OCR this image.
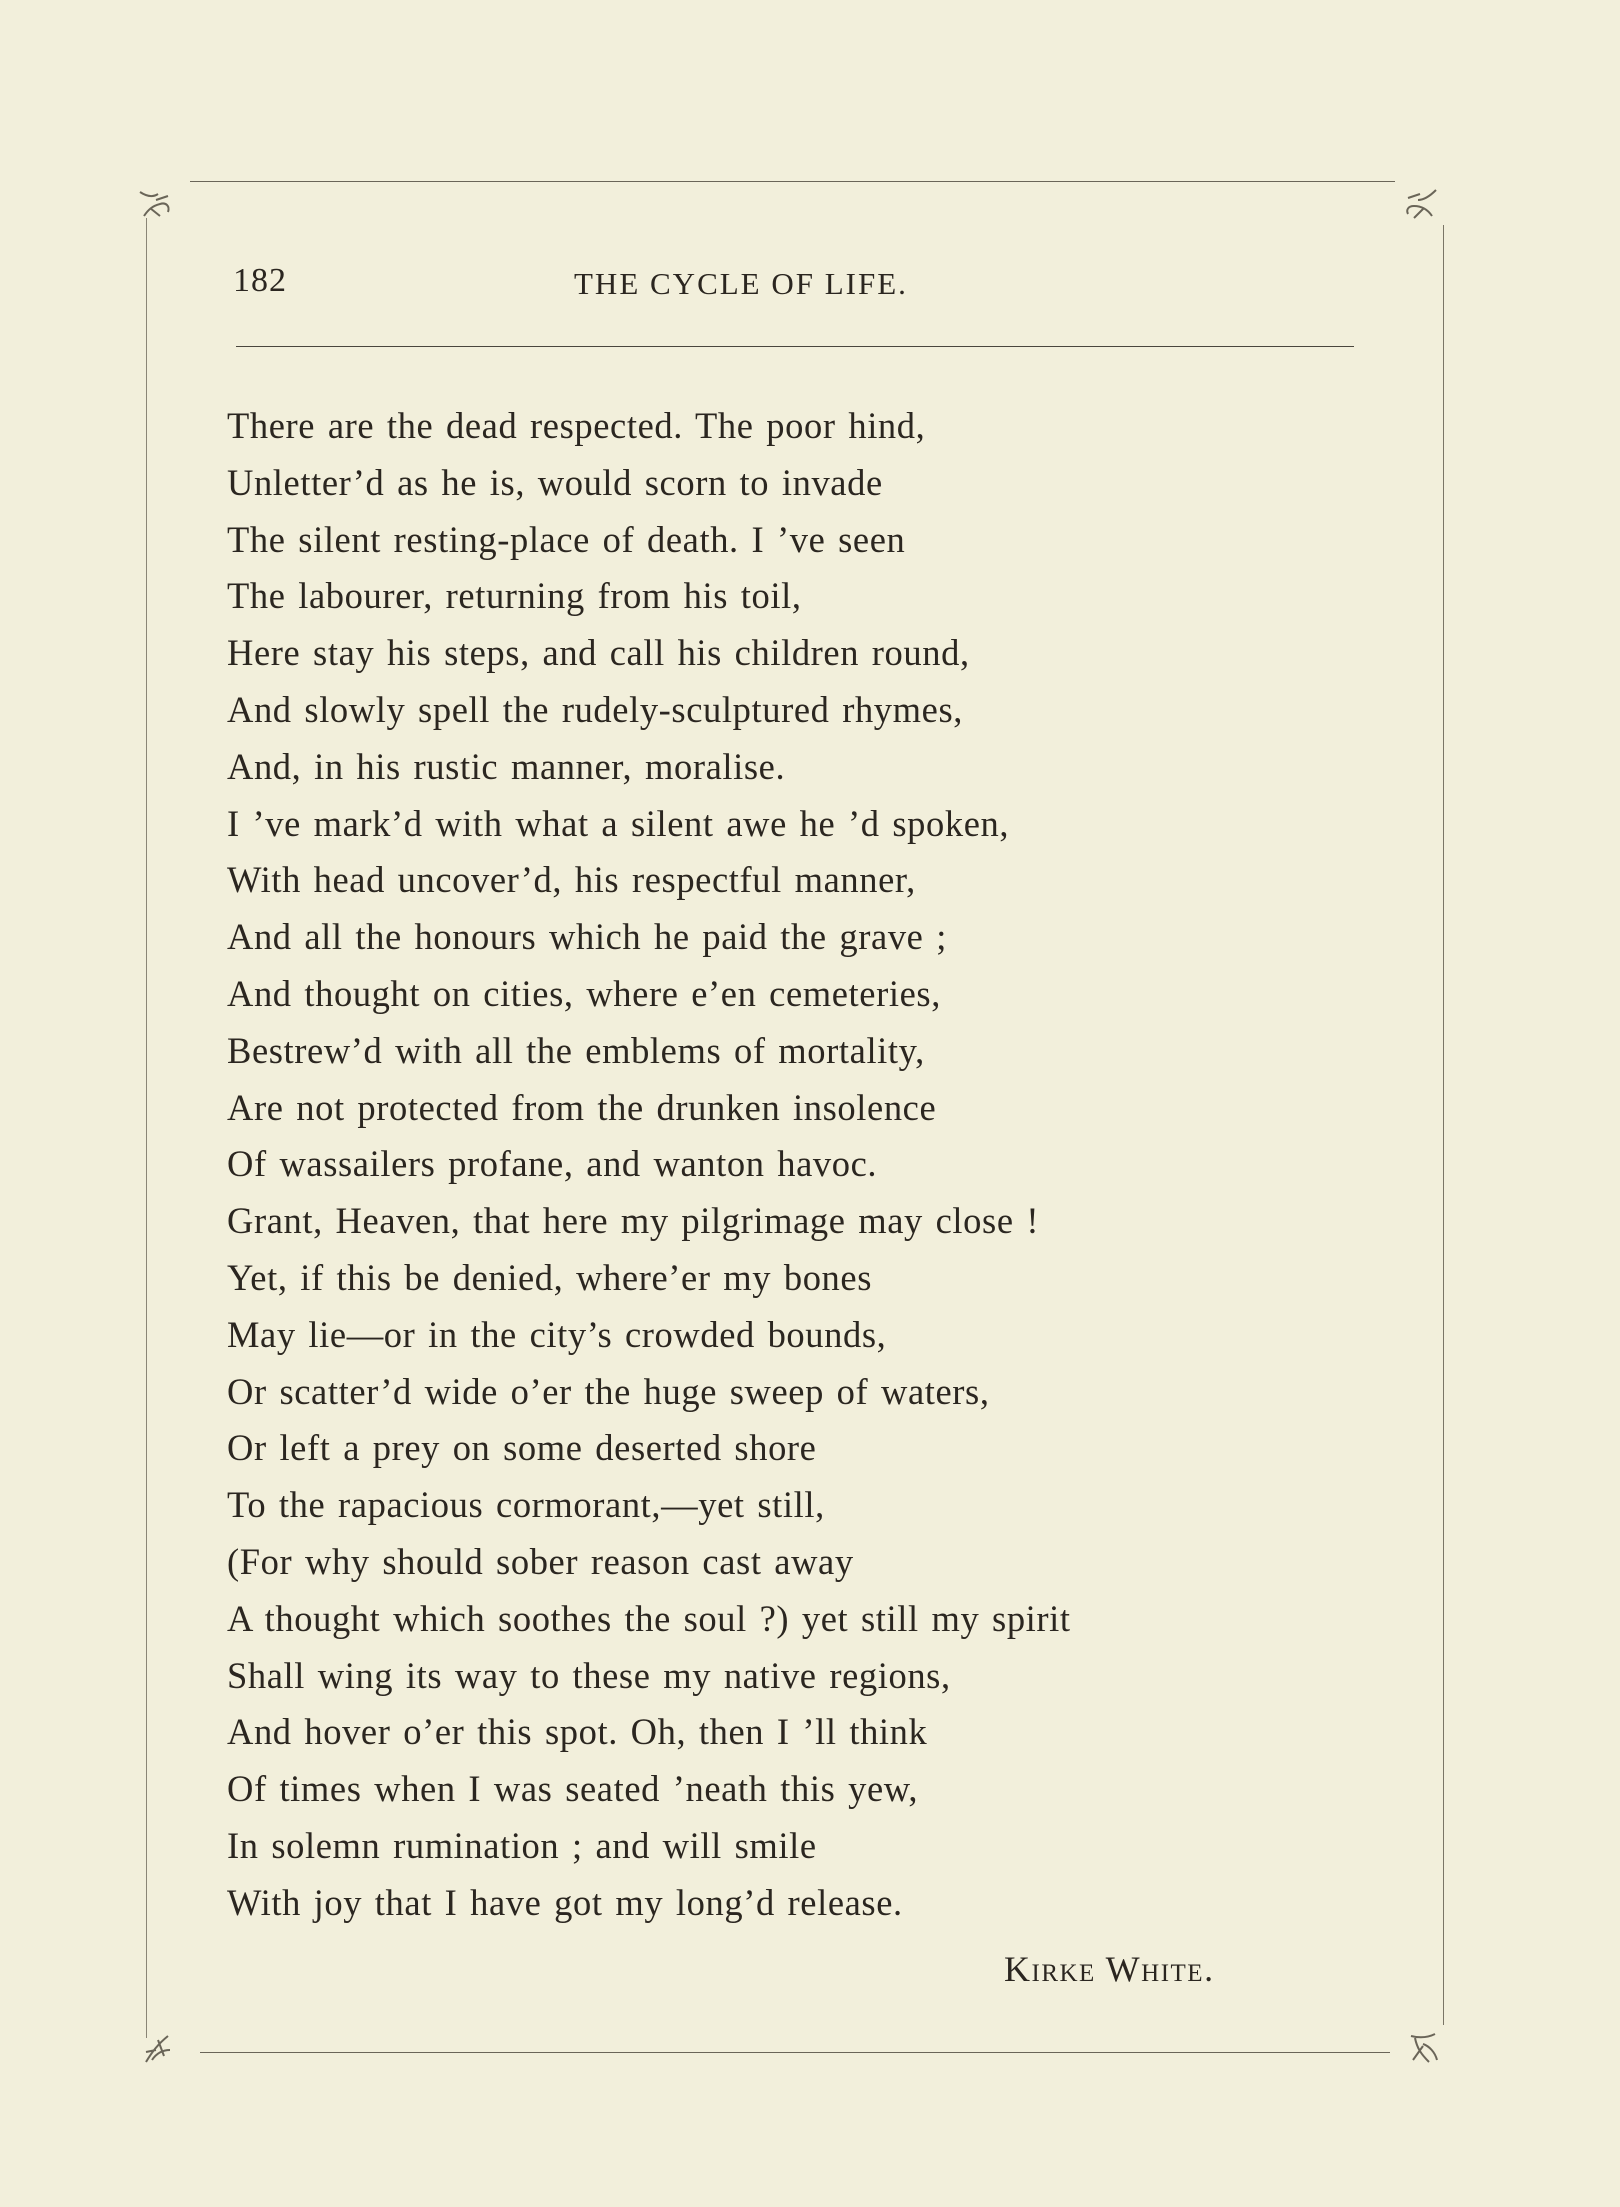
182	THE CYCLE OF LIFE.
There are the dead respected. The poor hind,
Unletter’d as he is, would scorn to invade
The silent resting-place of death. I ’ve seen
The labourer, returning from his toil,
Here stay his steps, and call his children round,
And slowly spell the rudely-sculptured rhymes,
And, in his rustic manner, moralise.
I ’ve mark’d with what a silent awe he ’d spoken,
With head uncover’d, his respectful manner,
And all the honours which he paid the grave ;
And thought on cities, where e’en cemeteries,
Bestrew’d with all the emblems of mortality,
Are not protected from the drunken insolence
Of wassailers profane, and wanton havoc.
Grant, Heaven, that here my pilgrimage may close !
Yet, if this be denied, where’er my bones
May lie—or in the city’s crowded bounds,
Or scatter’d wide o’er the huge sweep of waters,
Or left a prey on some deserted shore
To the rapacious cormorant,—yet still,
(For why should sober reason cast away
A thought which soothes the soul ?) yet still my spirit
Shall wing its way to these my native regions,
And hover o’er this spot. Oh, then I ’ll think
Of times when I was seated ’neath this yew,
In solemn rumination ; and will smile
With joy that I have got my long’d release.
Kirke White.
